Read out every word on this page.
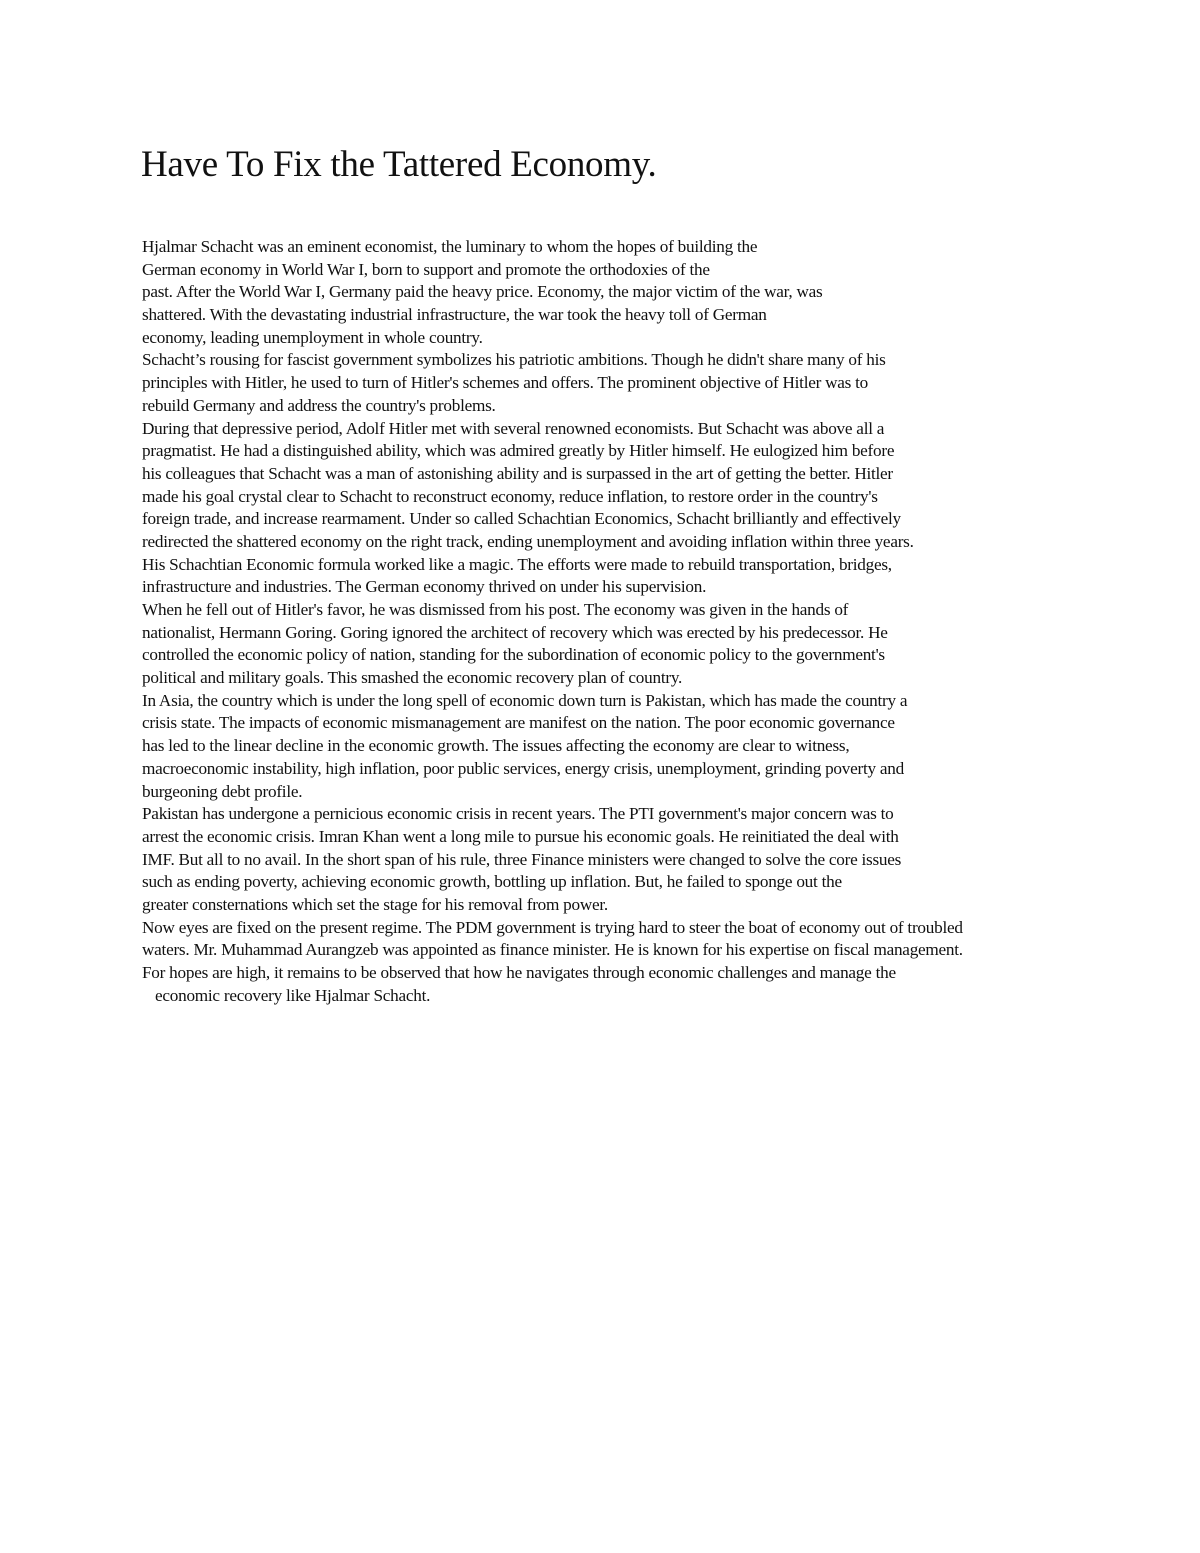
Have To Fix the Tattered Economy.
Hjalmar Schacht was an eminent economist, the luminary to whom the hopes of building the
German economy in World War I, born to support and promote the orthodoxies of the
past. After the World War I, Germany paid the heavy price. Economy, the major victim of the war, was
shattered. With the devastating industrial infrastructure, the war took the heavy toll of German
economy, leading unemployment in whole country.
Schacht’s rousing for fascist government symbolizes his patriotic ambitions. Though he didn't share many of his
principles with Hitler, he used to turn of Hitler's schemes and offers. The prominent objective of Hitler was to
rebuild Germany and address the country's problems.
During that depressive period, Adolf Hitler met with several renowned economists. But Schacht was above all a
pragmatist. He had a distinguished ability, which was admired greatly by Hitler himself. He eulogized him before
his colleagues that Schacht was a man of astonishing ability and is surpassed in the art of getting the better. Hitler
made his goal crystal clear to Schacht to reconstruct economy, reduce inflation, to restore order in the country's
foreign trade, and increase rearmament. Under so called Schachtian Economics, Schacht brilliantly and effectively
redirected the shattered economy on the right track, ending unemployment and avoiding inflation within three years.
His Schachtian Economic formula worked like a magic. The efforts were made to rebuild transportation, bridges,
infrastructure and industries. The German economy thrived on under his supervision.
When he fell out of Hitler's favor, he was dismissed from his post. The economy was given in the hands of
nationalist, Hermann Goring. Goring ignored the architect of recovery which was erected by his predecessor. He
controlled the economic policy of nation, standing for the subordination of economic policy to the government's
political and military goals. This smashed the economic recovery plan of country.
In Asia, the country which is under the long spell of economic down turn is Pakistan, which has made the country a
crisis state. The impacts of economic mismanagement are manifest on the nation. The poor economic governance
has led to the linear decline in the economic growth. The issues affecting the economy are clear to witness,
macroeconomic instability, high inflation, poor public services, energy crisis, unemployment, grinding poverty and
burgeoning debt profile.
Pakistan has undergone a pernicious economic crisis in recent years. The PTI government's major concern was to
arrest the economic crisis. Imran Khan went a long mile to pursue his economic goals. He reinitiated the deal with
IMF. But all to no avail. In the short span of his rule, three Finance ministers were changed to solve the core issues
such as ending poverty, achieving economic growth, bottling up inflation. But, he failed to sponge out the
greater consternations which set the stage for his removal from power.
Now eyes are fixed on the present regime. The PDM government is trying hard to steer the boat of economy out of troubled
waters. Mr. Muhammad Aurangzeb was appointed as finance minister. He is known for his expertise on fiscal management.
For hopes are high, it remains to be observed that how he navigates through economic challenges and manage the
economic recovery like Hjalmar Schacht.
